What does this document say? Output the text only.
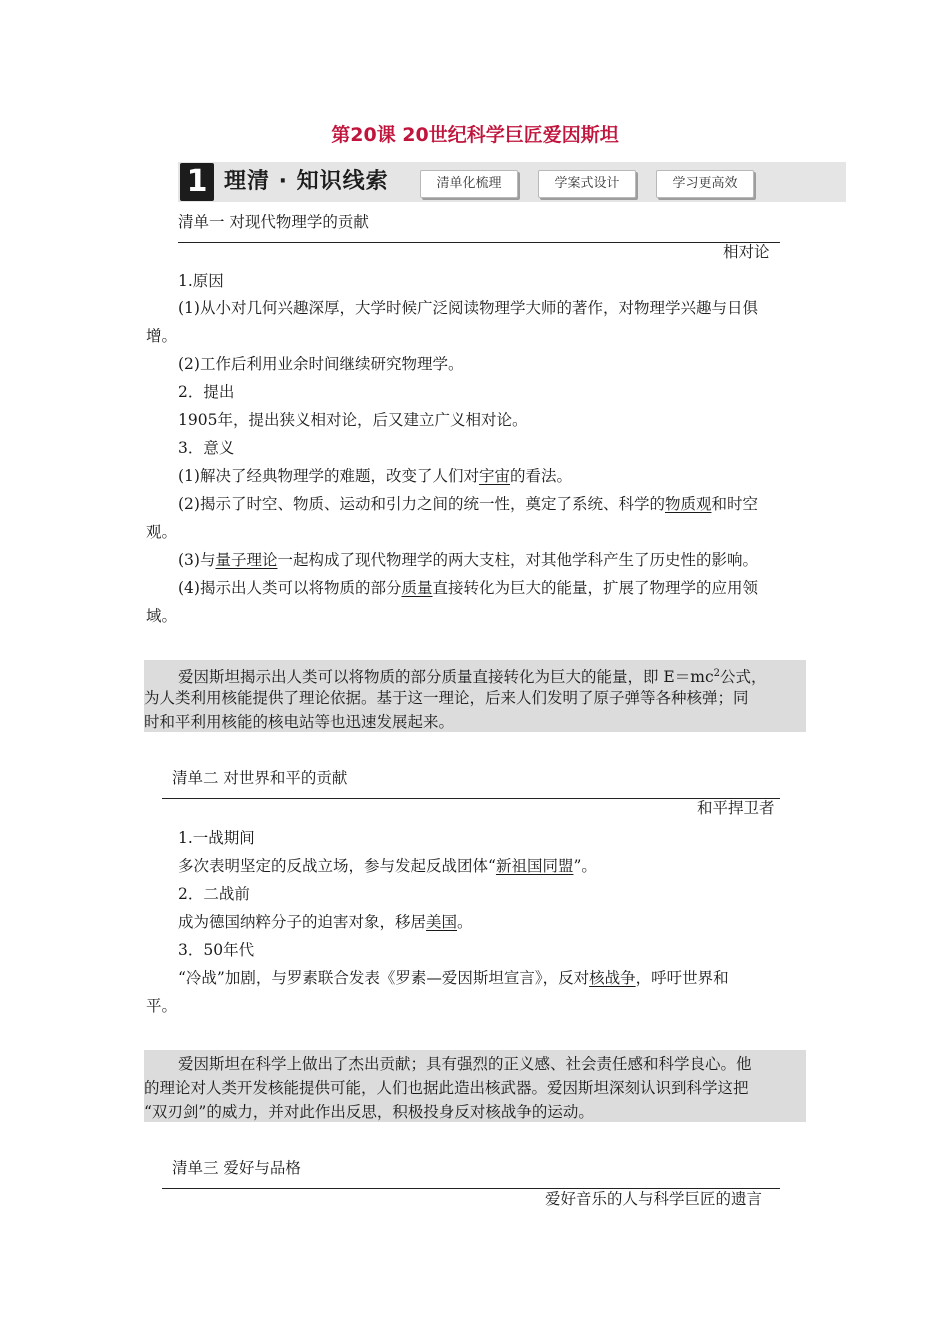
第20课 20世纪科学巨匠爱因斯坦
1 理清 · 知识线索	清单化梳理	学案式设计	学习更高效
清单一 对现代物理学的贡献
相对论
1.原因
(1)从小对几何兴趣深厚，大学时候广泛阅读物理学大师的著作，对物理学兴趣与日俱
增。
(2)工作后利用业余时间继续研究物理学。
2．提出
1905年，提出狭义相对论，后又建立广义相对论。
3．意义
(1)解决了经典物理学的难题，改变了人们对宇宙的看法。
(2)揭示了时空、物质、运动和引力之间的统一性，奠定了系统、科学的物质观和时空
观。
(3)与量子理论一起构成了现代物理学的两大支柱，对其他学科产生了历史性的影响。
(4)揭示出人类可以将物质的部分质量直接转化为巨大的能量，扩展了物理学的应用领
域。
爱因斯坦揭示出人类可以将物质的部分质量直接转化为巨大的能量，即 $E=mc^2$公式，
为人类利用核能提供了理论依据。基于这一理论，后来人们发明了原子弹等各种核弹；同
时和平利用核能的核电站等也迅速发展起来。
清单二 对世界和平的贡献
和平捍卫者
1.一战期间
多次表明坚定的反战立场，参与发起反战团体“新祖国同盟”。
2．二战前
成为德国纳粹分子的迫害对象，移居美国。
3．50年代
“冷战”加剧，与罗素联合发表《罗素—爱因斯坦宣言》，反对核战争，呼吁世界和
平。
爱因斯坦在科学上做出了杰出贡献；具有强烈的正义感、社会责任感和科学良心。他
的理论对人类开发核能提供可能，人们也据此造出核武器。爱因斯坦深刻认识到科学这把
“双刃剑”的威力，并对此作出反思，积极投身反对核战争的运动。
清单三 爱好与品格
爱好音乐的人与科学巨匠的遗言
